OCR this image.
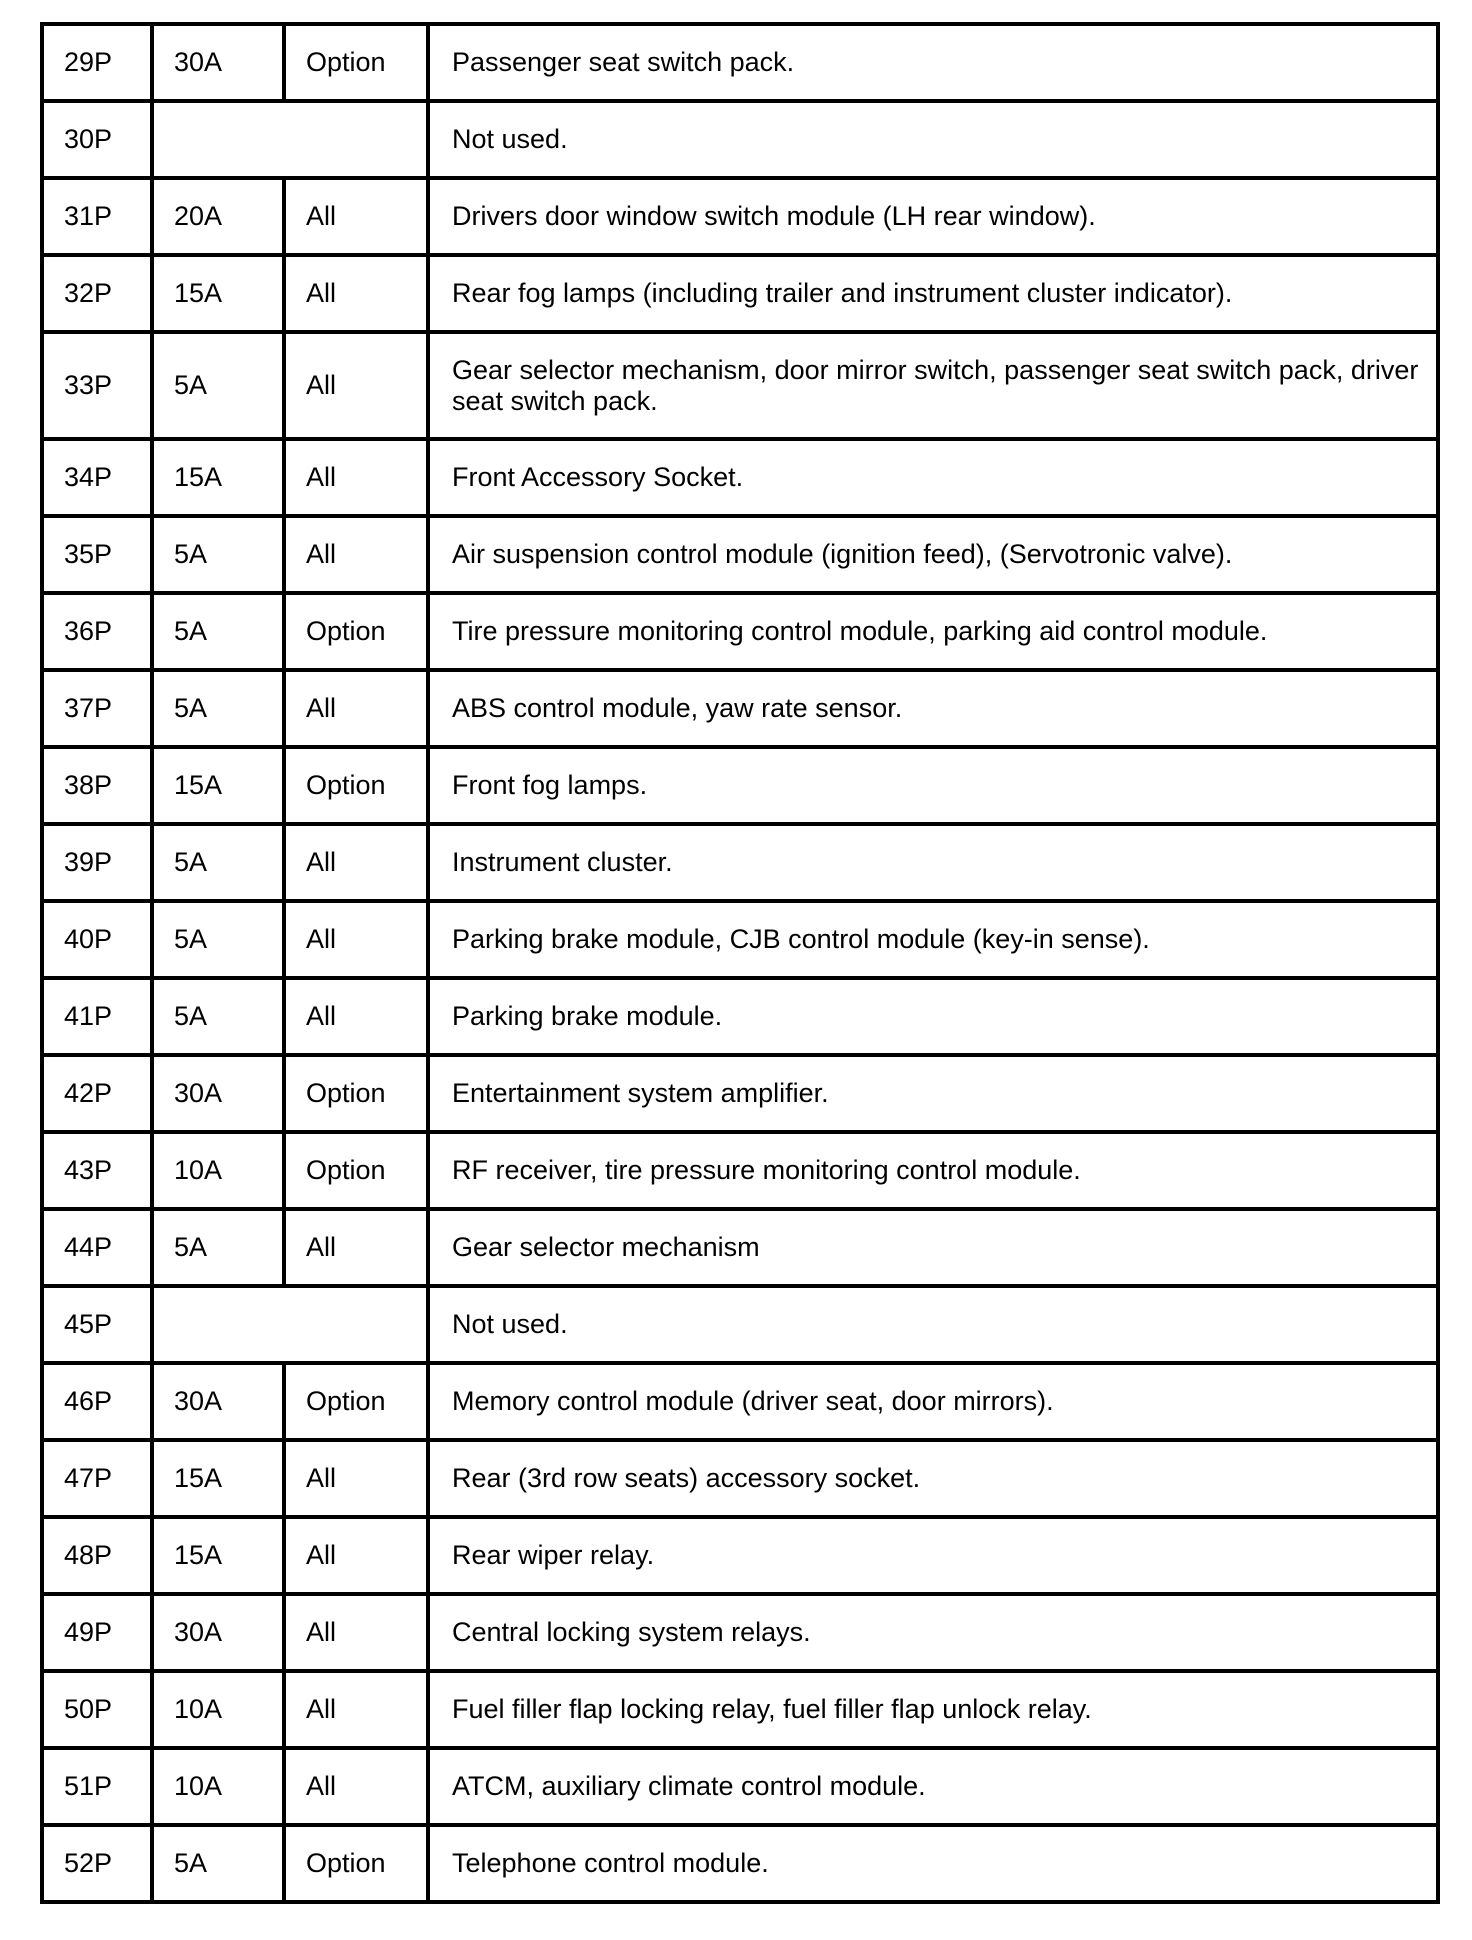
29P	30A	Option	Passenger seat switch pack.
30P			Not used.
31P	20A	All	Drivers door window switch module (LH rear window).
32P	15A	All	Rear fog lamps (including trailer and instrument cluster indicator).
33P	5A	All	Gear selector mechanism, door mirror switch, passenger seat switch pack, driver seat switch pack.
34P	15A	All	Front Accessory Socket.
35P	5A	All	Air suspension control module (ignition feed), (Servotronic valve).
36P	5A	Option	Tire pressure monitoring control module, parking aid control module.
37P	5A	All	ABS control module, yaw rate sensor.
38P	15A	Option	Front fog lamps.
39P	5A	All	Instrument cluster.
40P	5A	All	Parking brake module, CJB control module (key-in sense).
41P	5A	All	Parking brake module.
42P	30A	Option	Entertainment system amplifier.
43P	10A	Option	RF receiver, tire pressure monitoring control module.
44P	5A	All	Gear selector mechanism
45P			Not used.
46P	30A	Option	Memory control module (driver seat, door mirrors).
47P	15A	All	Rear (3rd row seats) accessory socket.
48P	15A	All	Rear wiper relay.
49P	30A	All	Central locking system relays.
50P	10A	All	Fuel filler flap locking relay, fuel filler flap unlock relay.
51P	10A	All	ATCM, auxiliary climate control module.
52P	5A	Option	Telephone control module.
